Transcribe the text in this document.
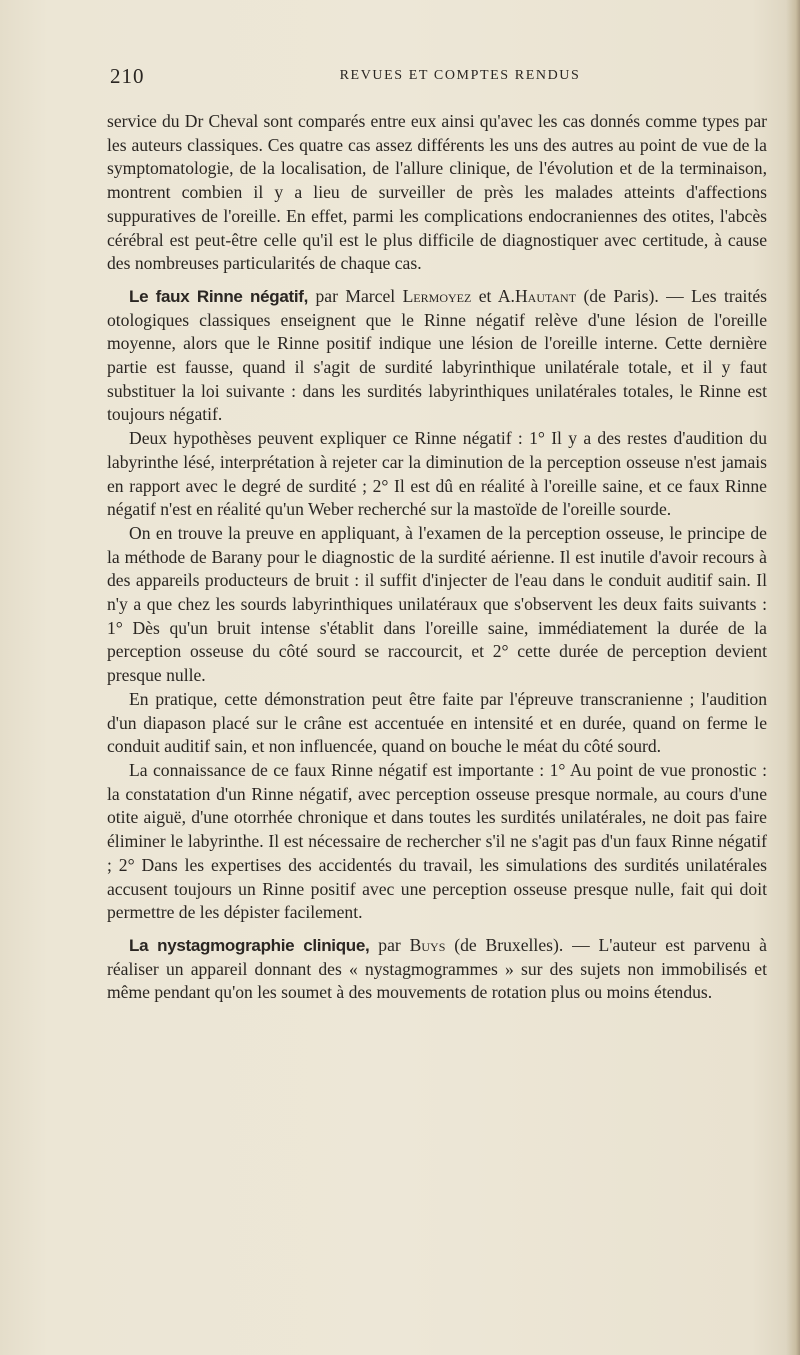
210	REVUES ET COMPTES RENDUS

service du Dr Cheval sont comparés entre eux ainsi qu'avec les cas donnés comme types par les auteurs classiques. Ces quatre cas assez différents les uns des autres au point de vue de la symptomatologie, de la localisation, de l'allure clinique, de l'évolution et de la terminaison, montrent combien il y a lieu de surveiller de près les malades atteints d'affections suppuratives de l'oreille. En effet, parmi les complications endocraniennes des otites, l'abcès cérébral est peut-être celle qu'il est le plus difficile de diagnostiquer avec certitude, à cause des nombreuses particularités de chaque cas.

Le faux Rinne négatif, par Marcel Lermoyez et A.Hautant (de Paris). — Les traités otologiques classiques enseignent que le Rinne négatif relève d'une lésion de l'oreille moyenne, alors que le Rinne positif indique une lésion de l'oreille interne. Cette dernière partie est fausse, quand il s'agit de surdité labyrinthique unilatérale totale, et il y faut substituer la loi suivante : dans les surdités labyrinthiques unilatérales totales, le Rinne est toujours négatif.

Deux hypothèses peuvent expliquer ce Rinne négatif : 1° Il y a des restes d'audition du labyrinthe lésé, interprétation à rejeter car la diminution de la perception osseuse n'est jamais en rapport avec le degré de surdité ; 2° Il est dû en réalité à l'oreille saine, et ce faux Rinne négatif n'est en réalité qu'un Weber recherché sur la mastoïde de l'oreille sourde.

On en trouve la preuve en appliquant, à l'examen de la perception osseuse, le principe de la méthode de Barany pour le diagnostic de la surdité aérienne. Il est inutile d'avoir recours à des appareils producteurs de bruit : il suffit d'injecter de l'eau dans le conduit auditif sain. Il n'y a que chez les sourds labyrinthiques unilatéraux que s'observent les deux faits suivants : 1° Dès qu'un bruit intense s'établit dans l'oreille saine, immédiatement la durée de la perception osseuse du côté sourd se raccourcit, et 2° cette durée de perception devient presque nulle.

En pratique, cette démonstration peut être faite par l'épreuve transcranienne ; l'audition d'un diapason placé sur le crâne est accentuée en intensité et en durée, quand on ferme le conduit auditif sain, et non influencée, quand on bouche le méat du côté sourd.

La connaissance de ce faux Rinne négatif est importante : 1° Au point de vue pronostic : la constatation d'un Rinne négatif, avec perception osseuse presque normale, au cours d'une otite aiguë, d'une otorrhée chronique et dans toutes les surdités unilatérales, ne doit pas faire éliminer le labyrinthe. Il est nécessaire de rechercher s'il ne s'agit pas d'un faux Rinne négatif ; 2° Dans les expertises des accidentés du travail, les simulations des surdités unilatérales accusent toujours un Rinne positif avec une perception osseuse presque nulle, fait qui doit permettre de les dépister facilement.

La nystagmographie clinique, par Buys (de Bruxelles). — L'auteur est parvenu à réaliser un appareil donnant des « nystagmogrammes » sur des sujets non immobilisés et même pendant qu'on les soumet à des mouvements de rotation plus ou moins étendus.
